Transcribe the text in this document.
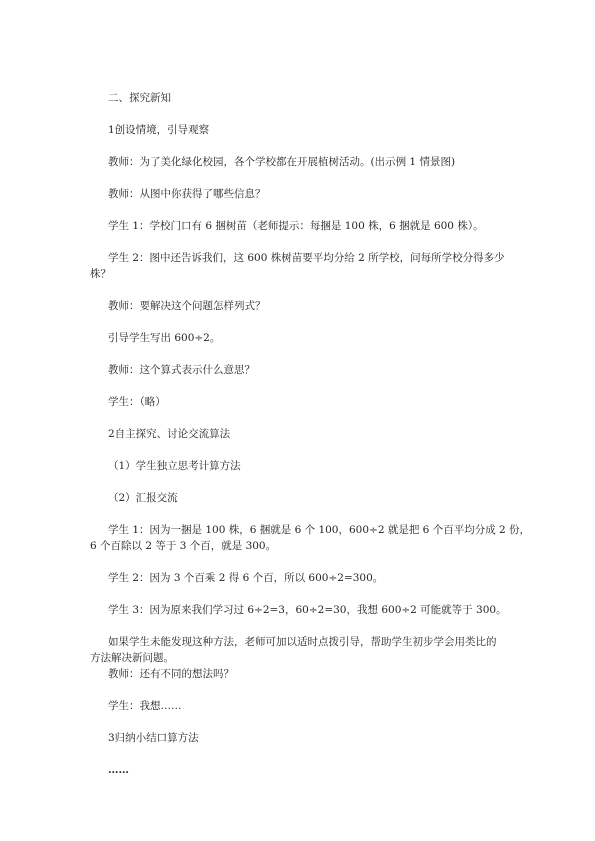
二、探究新知
1创设情境，引导观察
教师：为了美化绿化校园，各个学校都在开展植树活动。(出示例 1 情景图)
教师：从图中你获得了哪些信息？
学生 1：学校门口有 6 捆树苗（老师提示：每捆是 100 株，6 捆就是 600 株）。
学生 2：图中还告诉我们，这 600 株树苗要平均分给 2 所学校，问每所学校分得多少
株？
教师：要解决这个问题怎样列式？
引导学生写出 600÷2。
教师：这个算式表示什么意思？
学生：（略）
2自主探究、讨论交流算法
（1）学生独立思考计算方法
（2）汇报交流
学生 1：因为一捆是 100 株，6 捆就是 6 个 100，600÷2 就是把 6 个百平均分成 2 份，
6 个百除以 2 等于 3 个百，就是 300。
学生 2：因为 3 个百乘 2 得 6 个百，所以 600÷2=300。
学生 3：因为原来我们学习过 6÷2=3，60÷2=30，我想 600÷2 可能就等于 300。
如果学生未能发现这种方法，老师可加以适时点拨引导，帮助学生初步学会用类比的
方法解决新问题。
教师：还有不同的想法吗？
学生：我想……
3归纳小结口算方法
……
